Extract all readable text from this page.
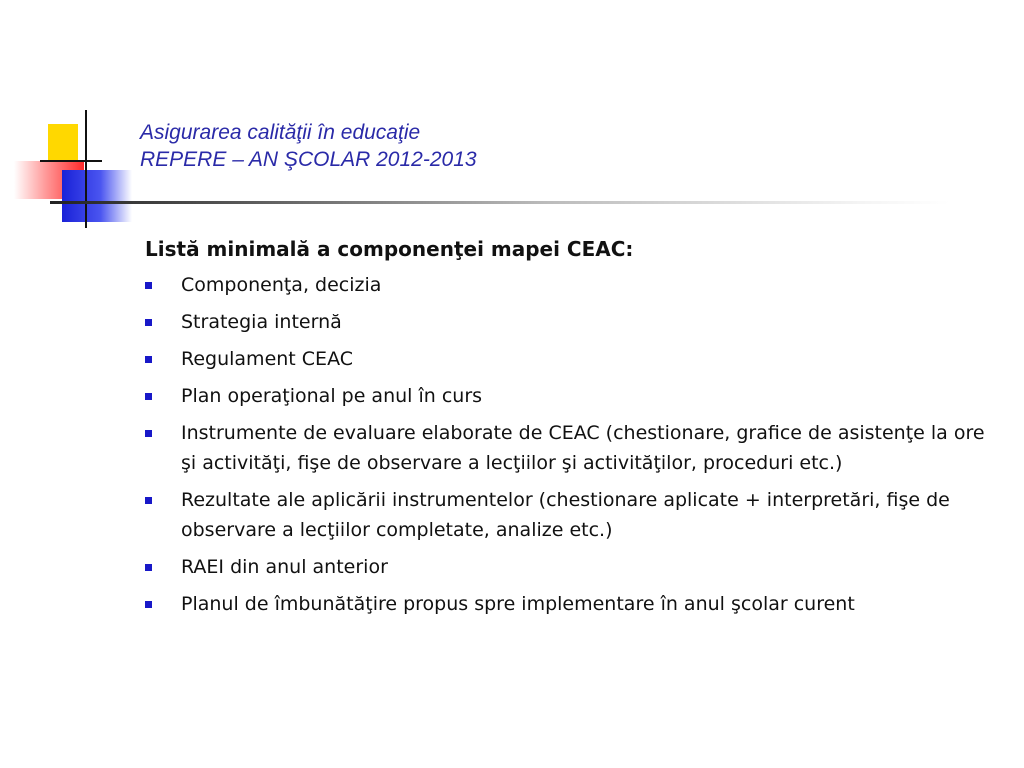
Asigurarea calităţii în educaţie
REPERE – AN ŞCOLAR 2012-2013
Listă minimală a componenţei mapei CEAC:
Componenţa, decizia
Strategia internă
Regulament CEAC
Plan operaţional pe anul în curs
Instrumente de evaluare elaborate de CEAC (chestionare, grafice de asistenţe la ore şi activităţi, fişe de observare a lecţiilor şi activităţilor, proceduri etc.)
Rezultate ale aplicării instrumentelor (chestionare aplicate + interpretări, fişe de observare a lecţiilor completate, analize etc.)
RAEI din anul anterior
Planul de îmbunătăţire propus spre implementare în anul şcolar curent
